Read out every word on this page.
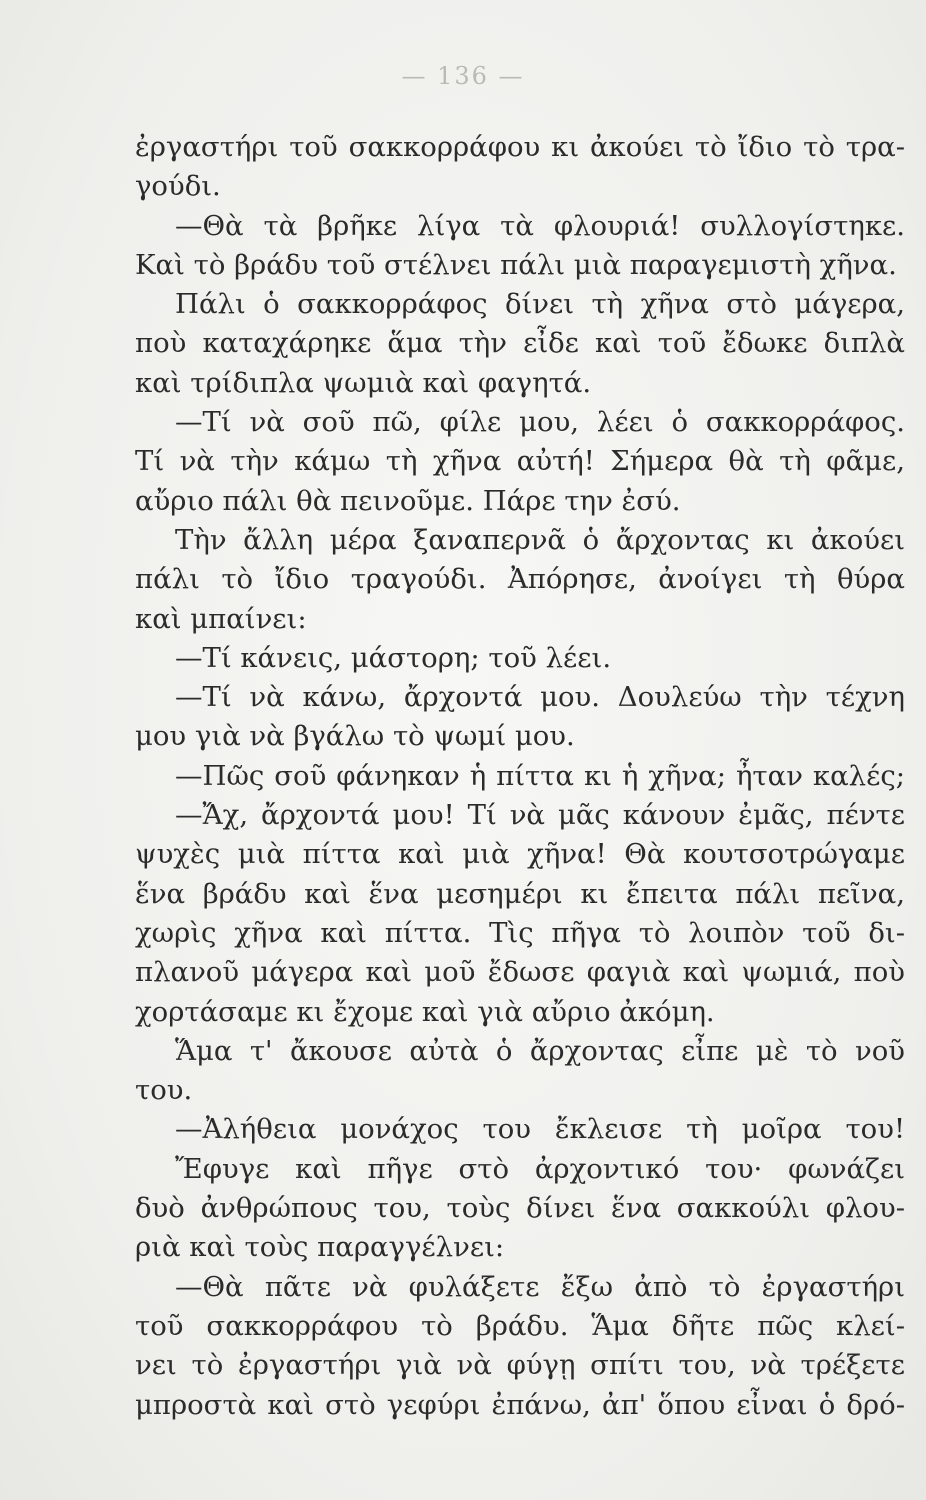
— 136 —
ἐργαστήρι τοῦ σακκορράφου κι ἀκούει τὸ ἴδιο τὸ τρα-
γούδι.
—Θὰ τὰ βρῆκε λίγα τὰ φλουριά! συλλογίστηκε.
Καὶ τὸ βράδυ τοῦ στέλνει πάλι μιὰ παραγεμιστὴ χῆνα.
Πάλι ὁ σακκορράφος δίνει τὴ χῆνα στὸ μάγερα,
ποὺ καταχάρηκε ἅμα τὴν εἶδε καὶ τοῦ ἔδωκε διπλὰ
καὶ τρίδιπλα ψωμιὰ καὶ φαγητά.
—Τί νὰ σοῦ πῶ, φίλε μου, λέει ὁ σακκορράφος.
Τί νὰ τὴν κάμω τὴ χῆνα αὐτή! Σήμερα θὰ τὴ φᾶμε,
αὔριο πάλι θὰ πεινοῦμε. Πάρε την ἐσύ.
Τὴν ἄλλη μέρα ξαναπερνᾶ ὁ ἄρχοντας κι ἀκούει
πάλι τὸ ἴδιο τραγούδι. Ἀπόρησε, ἀνοίγει τὴ θύρα
καὶ μπαίνει:
—Τί κάνεις, μάστορη; τοῦ λέει.
—Τί νὰ κάνω, ἄρχοντά μου. Δουλεύω τὴν τέχνη
μου γιὰ νὰ βγάλω τὸ ψωμί μου.
—Πῶς σοῦ φάνηκαν ἡ πίττα κι ἡ χῆνα; ἦταν καλές;
—Ἄχ, ἄρχοντά μου! Τί νὰ μᾶς κάνουν ἐμᾶς, πέντε
ψυχὲς μιὰ πίττα καὶ μιὰ χῆνα! Θὰ κουτσοτρώγαμε
ἕνα βράδυ καὶ ἕνα μεσημέρι κι ἔπειτα πάλι πεῖνα,
χωρὶς χῆνα καὶ πίττα. Τὶς πῆγα τὸ λοιπὸν τοῦ δι-
πλανοῦ μάγερα καὶ μοῦ ἔδωσε φαγιὰ καὶ ψωμιά, ποὺ
χορτάσαμε κι ἔχομε καὶ γιὰ αὔριο ἀκόμη.
Ἅμα τ' ἄκουσε αὐτὰ ὁ ἄρχοντας εἶπε μὲ τὸ νοῦ
του.
—Ἀλήθεια μονάχος του ἔκλεισε τὴ μοῖρα του!
Ἔφυγε καὶ πῆγε στὸ ἀρχοντικό του· φωνάζει
δυὸ ἀνθρώπους του, τοὺς δίνει ἕνα σακκούλι φλου-
ριὰ καὶ τοὺς παραγγέλνει:
—Θὰ πᾶτε νὰ φυλάξετε ἔξω ἀπὸ τὸ ἐργαστήρι
τοῦ σακκορράφου τὸ βράδυ. Ἅμα δῆτε πῶς κλεί-
νει τὸ ἐργαστήρι γιὰ νὰ φύγῃ σπίτι του, νὰ τρέξετε
μπροστὰ καὶ στὸ γεφύρι ἐπάνω, ἀπ' ὅπου εἶναι ὁ δρό-
